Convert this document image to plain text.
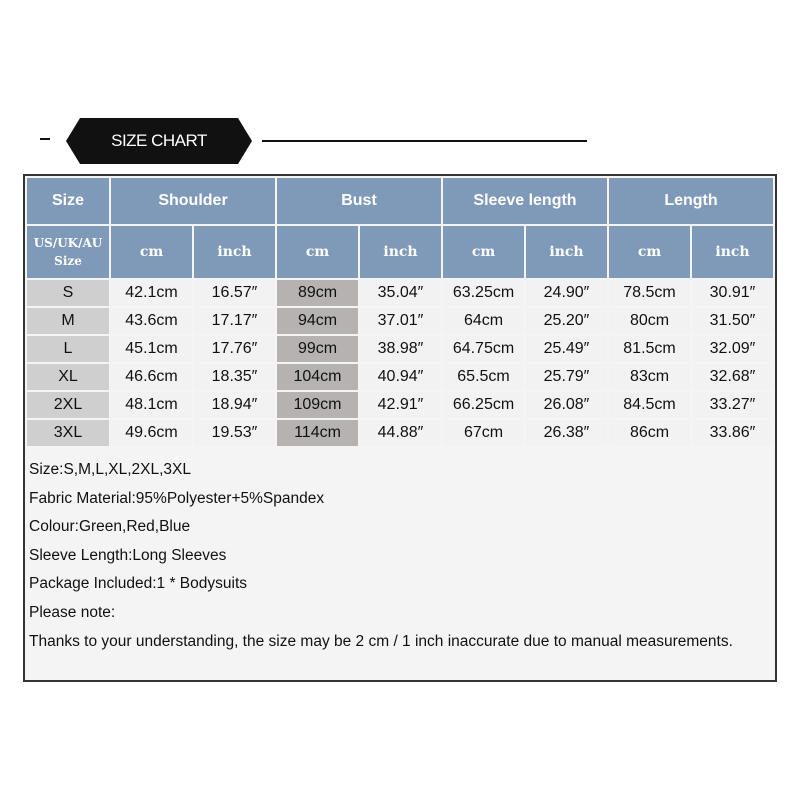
SIZE CHART
Size	Shoulder		Bust		Sleeve length		Length	
US/UK/AU
Size	cm	inch	cm	inch	cm	inch	cm	inch
S	42.1cm	16.57″	89cm	35.04″	63.25cm	24.90″	78.5cm	30.91″
M	43.6cm	17.17″	94cm	37.01″	64cm	25.20″	80cm	31.50″
L	45.1cm	17.76″	99cm	38.98″	64.75cm	25.49″	81.5cm	32.09″
XL	46.6cm	18.35″	104cm	40.94″	65.5cm	25.79″	83cm	32.68″
2XL	48.1cm	18.94″	109cm	42.91″	66.25cm	26.08″	84.5cm	33.27″
3XL	49.6cm	19.53″	114cm	44.88″	67cm	26.38″	86cm	33.86″
Size:S,M,L,XL,2XL,3XL
Fabric Material:95%Polyester+5%Spandex
Colour:Green,Red,Blue
Sleeve Length:Long Sleeves
Package Included:1 * Bodysuits
Please note:
Thanks to your understanding, the size may be 2 cm / 1 inch inaccurate due to manual measurements.
